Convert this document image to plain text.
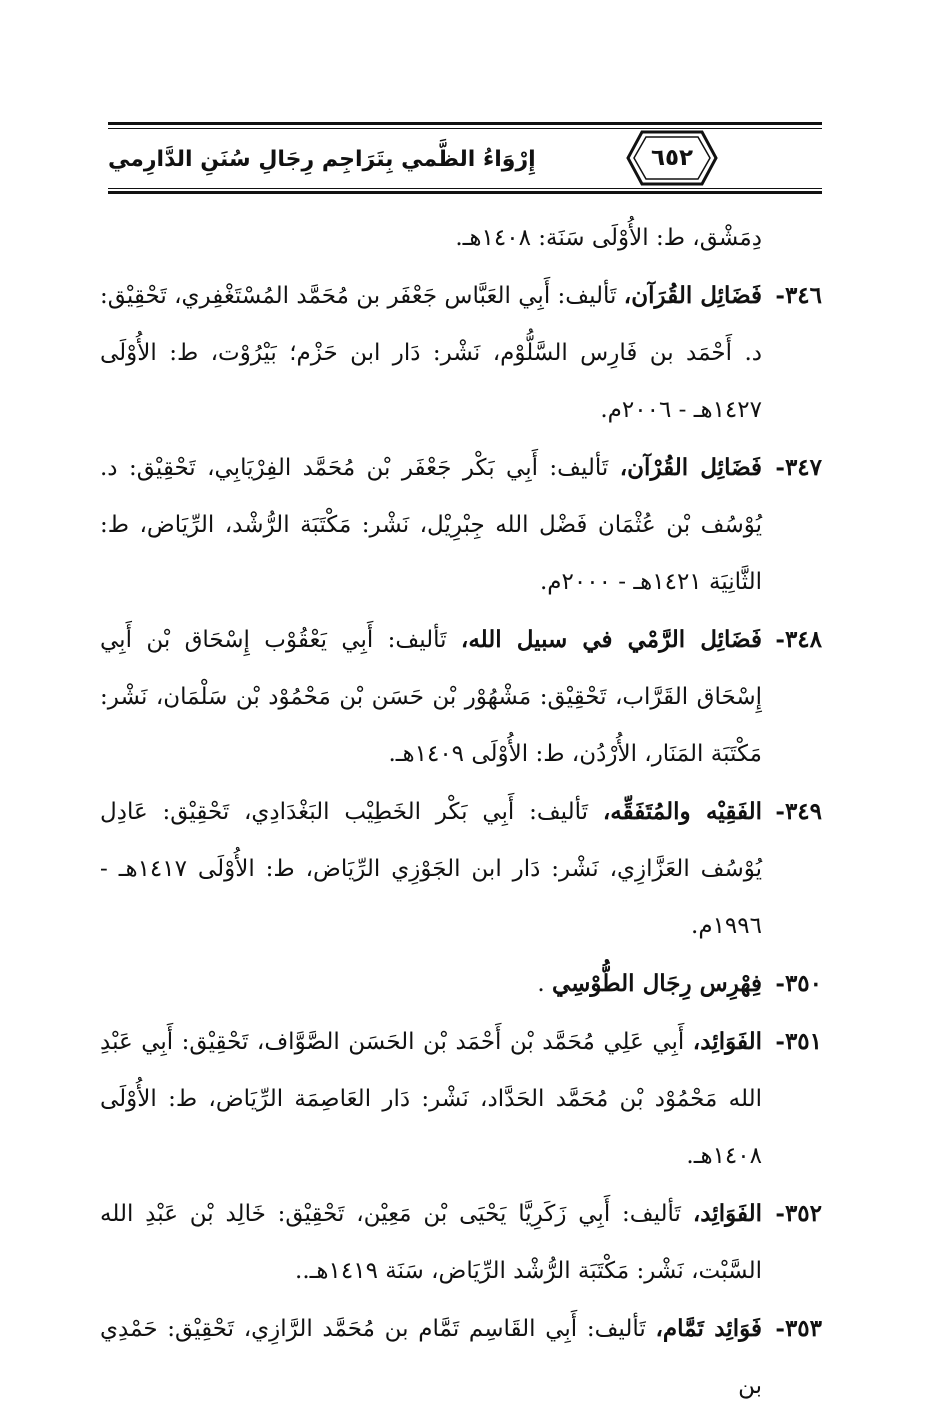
إِرْوَاءُ الظَّمي بِتَرَاجِم رِجَالِ سُنَنِ الدَّارِمي	٦٥٢
دِمَشْق، ط: الأُوْلَى سَنَة: ١٤٠٨هـ.
٣٤٦-
فَضَائِل القُرَآن، تَأليف: أَبِي العَبَّاس جَعْفَر بن مُحَمَّد المُسْتَغْفِري، تَحْقِيْق: د. أَحْمَد بن فَارِس السَّلُّوْم، نَشْر: دَار ابن حَزْم؛ بَيْرُوْت، ط: الأُوْلَى ١٤٢٧هـ - ٢٠٠٦م.
٣٤٧-
فَضَائِل القُرْآن، تَأليف: أَبِي بَكْر جَعْفَر بْن مُحَمَّد الفِرْيَابِي، تَحْقِيْق: د. يُوْسُف بْن عُثْمَان فَضْل الله جِبْرِيْل، نَشْر: مَكْتَبَة الرُّشْد، الرِّيَاض، ط: الثَّانِيَة ١٤٢١هـ - ٢٠٠٠م.
٣٤٨-
فَضَائِل الرَّمْي في سبيل الله، تَأليف: أَبِي يَعْقُوْب إِسْحَاق بْن أَبِي إِسْحَاق القَرَّاب، تَحْقِيْق: مَشْهُوْر بْن حَسَن بْن مَحْمُوْد بْن سَلْمَان، نَشْر: مَكْتَبَة المَنَار، الأُرْدُن، ط: الأُوْلَى ١٤٠٩هـ.
٣٤٩-
الفَقِيْه والمُتَفَقِّه، تَأليف: أَبِي بَكْر الخَطِيْب البَغْدَادِي، تَحْقِيْق: عَادِل يُوْسُف العَزَّازِي، نَشْر: دَار ابن الجَوْزِي الرِّيَاض، ط: الأُوْلَى ١٤١٧هـ - ١٩٩٦م.
٣٥٠-
فِهْرِس رِجَال الطُّوْسِي .
٣٥١-
الفَوَائِد، أَبِي عَلِي مُحَمَّد بْن أَحْمَد بْن الحَسَن الصَّوَّاف، تَحْقِيْق: أَبِي عَبْدِ الله مَحْمُوْد بْن مُحَمَّد الحَدَّاد، نَشْر: دَار العَاصِمَة الرِّيَاض، ط: الأُوْلَى ١٤٠٨هـ.
٣٥٢-
الفَوَائِد، تَأليف: أَبِي زَكَرِيَّا يَحْيَى بْن مَعِيْن، تَحْقِيْق: خَالِد بْن عَبْدِ الله السَّبْت، نَشْر: مَكْتَبَة الرُّشْد الرِّيَاض، سَنَة ١٤١٩هـ..
٣٥٣-
فَوَائِد تَمَّام، تَأليف: أَبِي القَاسِم تَمَّام بن مُحَمَّد الرَّازِي، تَحْقِيْق: حَمْدِي بن
